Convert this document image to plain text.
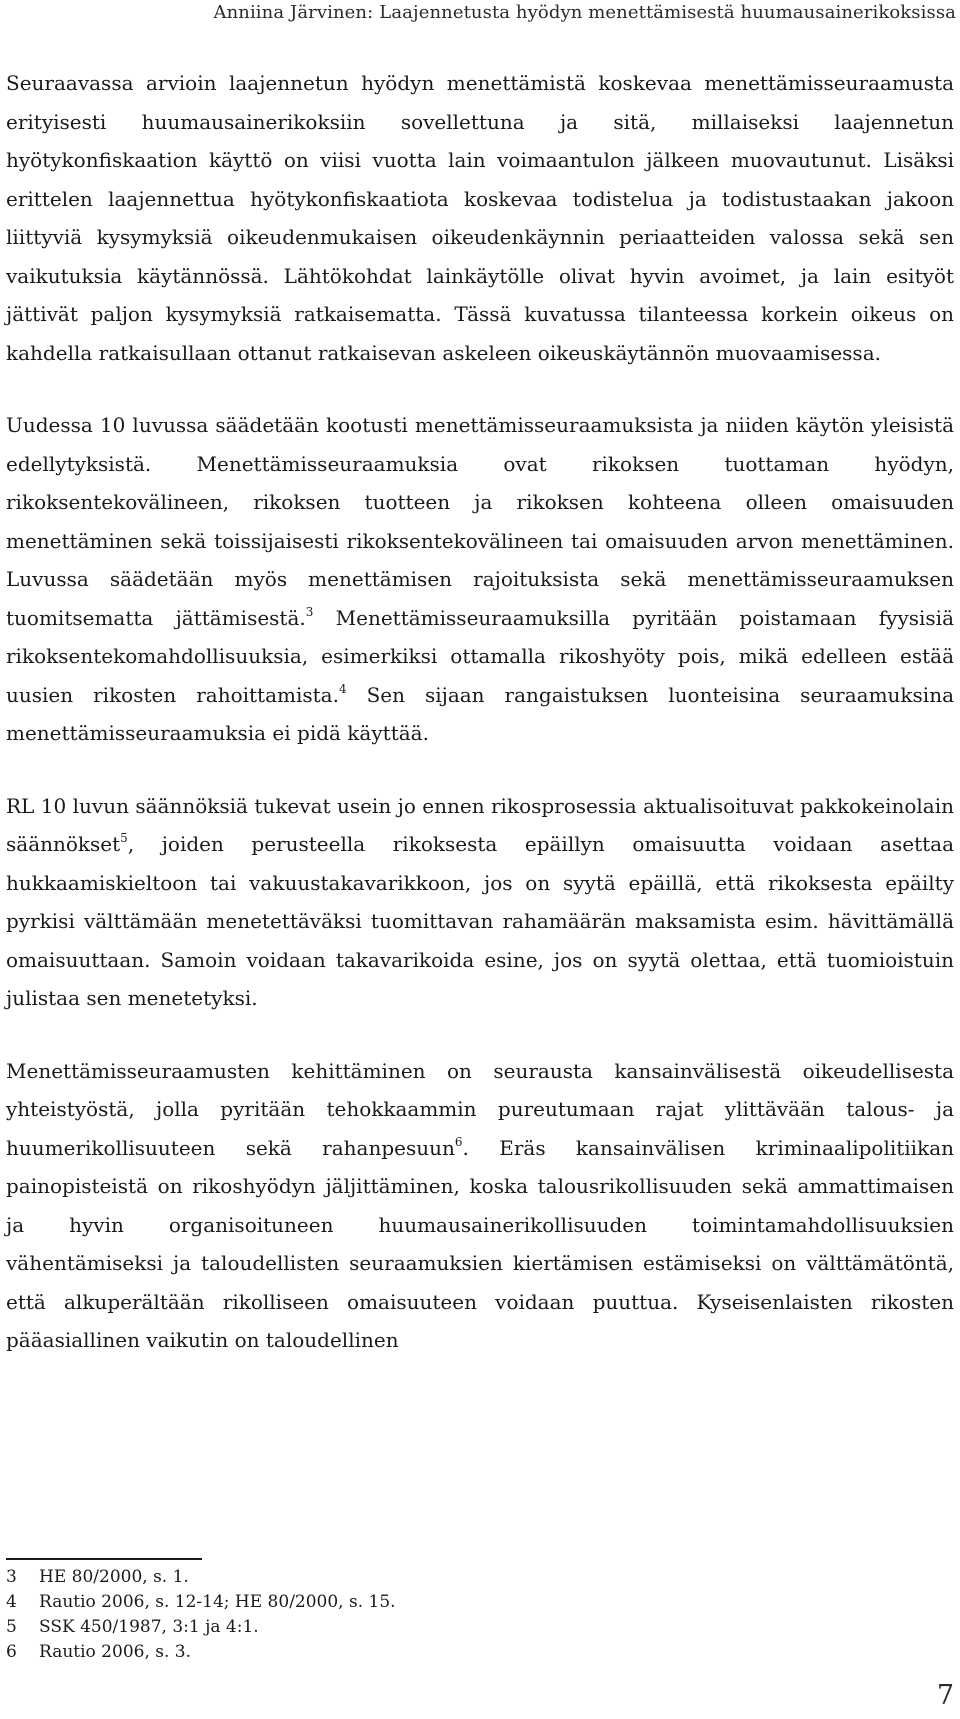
Anniina Järvinen: Laajennetusta hyödyn menettämisestä huumausainerikoksissa

Seuraavassa arvioin laajennetun hyödyn menettämistä koskevaa menettämisseuraamusta erityisesti huumausainerikoksiin sovellettuna ja sitä, millaiseksi laajennetun hyötykonfiskaation käyttö on viisi vuotta lain voimaantulon jälkeen muovautunut. Lisäksi erittelen laajennettua hyötykonfiskaatiota koskevaa todistelua ja todistustaakan jakoon liittyviä kysymyksiä oikeudenmukaisen oikeudenkäynnin periaatteiden valossa sekä sen vaikutuksia käytännössä. Lähtökohdat lainkäytölle olivat hyvin avoimet, ja lain esityöt jättivät paljon kysymyksiä ratkaisematta. Tässä kuvatussa tilanteessa korkein oikeus on kahdella ratkaisullaan ottanut ratkaisevan askeleen oikeuskäytännön muovaamisessa.

Uudessa 10 luvussa säädetään kootusti menettämisseuraamuksista ja niiden käytön yleisistä edellytyksistä. Menettämisseuraamuksia ovat rikoksen tuottaman hyödyn, rikoksentekovälineen, rikoksen tuotteen ja rikoksen kohteena olleen omaisuuden menettäminen sekä toissijaisesti rikoksentekovälineen tai omaisuuden arvon menettäminen. Luvussa säädetään myös menettämisen rajoituksista sekä menettämisseuraamuksen tuomitsematta jättämisestä.$^3$ Menettämisseuraamuksilla pyritään poistamaan fyysisiä rikoksentekomahdollisuuksia, esimerkiksi ottamalla rikoshyöty pois, mikä edelleen estää uusien rikosten rahoittamista.$^4$ Sen sijaan rangaistuksen luonteisina seuraamuksina menettämisseuraamuksia ei pidä käyttää.

RL 10 luvun säännöksiä tukevat usein jo ennen rikosprosessia aktualisoituvat pakkokeinolain säännökset$^5$, joiden perusteella rikoksesta epäillyn omaisuutta voidaan asettaa hukkaamiskieltoon tai vakuustakavarikkoon, jos on syytä epäillä, että rikoksesta epäilty pyrkisi välttämään menetettäväksi tuomittavan rahamäärän maksamista esim. hävittämällä omaisuuttaan. Samoin voidaan takavarikoida esine, jos on syytä olettaa, että tuomioistuin julistaa sen menetetyksi.

Menettämisseuraamusten kehittäminen on seurausta kansainvälisestä oikeudellisesta yhteistyöstä, jolla pyritään tehokkaammin pureutumaan rajat ylittävään talous- ja huumerikollisuuteen sekä rahanpesuun$^6$. Eräs kansainvälisen kriminaalipolitiikan painopisteistä on rikoshyödyn jäljittäminen, koska talousrikollisuuden sekä ammattimaisen ja hyvin organisoituneen huumausainerikollisuuden toimintamahdollisuuksien vähentämiseksi ja taloudellisten seuraamuksien kiertämisen estämiseksi on välttämätöntä, että alkuperältään rikolliseen omaisuuteen voidaan puuttua. Kyseisenlaisten rikosten pääasiallinen vaikutin on taloudellinen

3 HE 80/2000, s. 1.
4 Rautio 2006, s. 12-14; HE 80/2000, s. 15.
5 SSK 450/1987, 3:1 ja 4:1.
6 Rautio 2006, s. 3.
7
